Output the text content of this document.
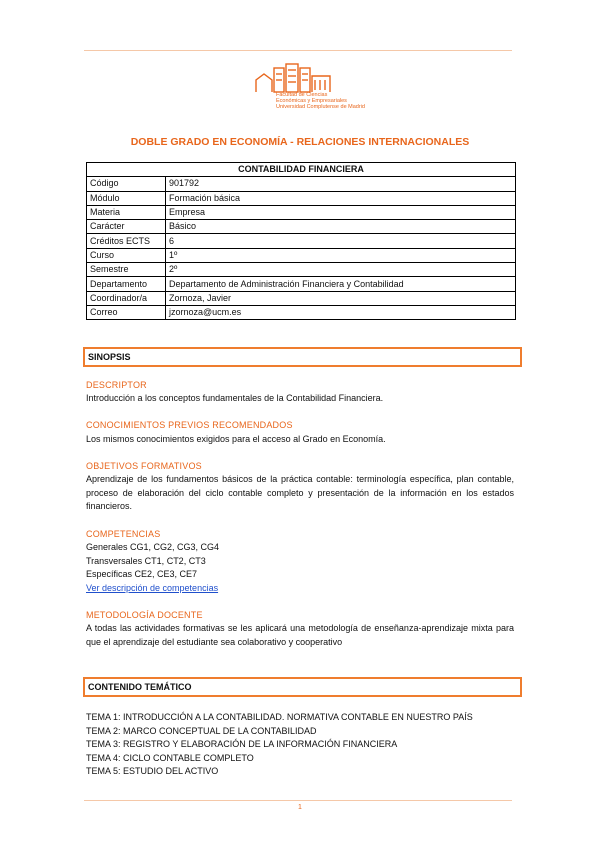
Facultad de Ciencias
Económicas y Empresariales
Universidad Complutense de Madrid
DOBLE GRADO EN ECONOMÍA - RELACIONES INTERNACIONALES
CONTABILIDAD FINANCIERA	
Código	901792
Módulo	Formación básica
Materia	Empresa
Carácter	Básico
Créditos ECTS	6
Curso	1º
Semestre	2º
Departamento	Departamento de Administración Financiera y Contabilidad
Coordinador/a	Zornoza, Javier
Correo	jzornoza@ucm.es
SINOPSIS
DESCRIPTOR
Introducción a los conceptos fundamentales de la Contabilidad Financiera.
CONOCIMIENTOS PREVIOS RECOMENDADOS
Los mismos conocimientos exigidos para el acceso al Grado en Economía.
OBJETIVOS FORMATIVOS
Aprendizaje de los fundamentos básicos de la práctica contable: terminología específica, plan contable, proceso de elaboración del ciclo contable completo y presentación de la información en los estados financieros.
COMPETENCIAS
Generales CG1, CG2, CG3, CG4
Transversales CT1, CT2, CT3
Específicas CE2, CE3, CE7
Ver descripción de competencias
METODOLOGÍA DOCENTE
A todas las actividades formativas se les aplicará una metodología de enseñanza-aprendizaje mixta para que el aprendizaje del estudiante sea colaborativo y cooperativo
CONTENIDO TEMÁTICO
TEMA 1: INTRODUCCIÓN A LA CONTABILIDAD. NORMATIVA CONTABLE EN NUESTRO PAÍS
TEMA 2: MARCO CONCEPTUAL DE LA CONTABILIDAD
TEMA 3: REGISTRO Y ELABORACIÓN DE LA INFORMACIÓN FINANCIERA
TEMA 4: CICLO CONTABLE COMPLETO
TEMA 5: ESTUDIO DEL ACTIVO
1
